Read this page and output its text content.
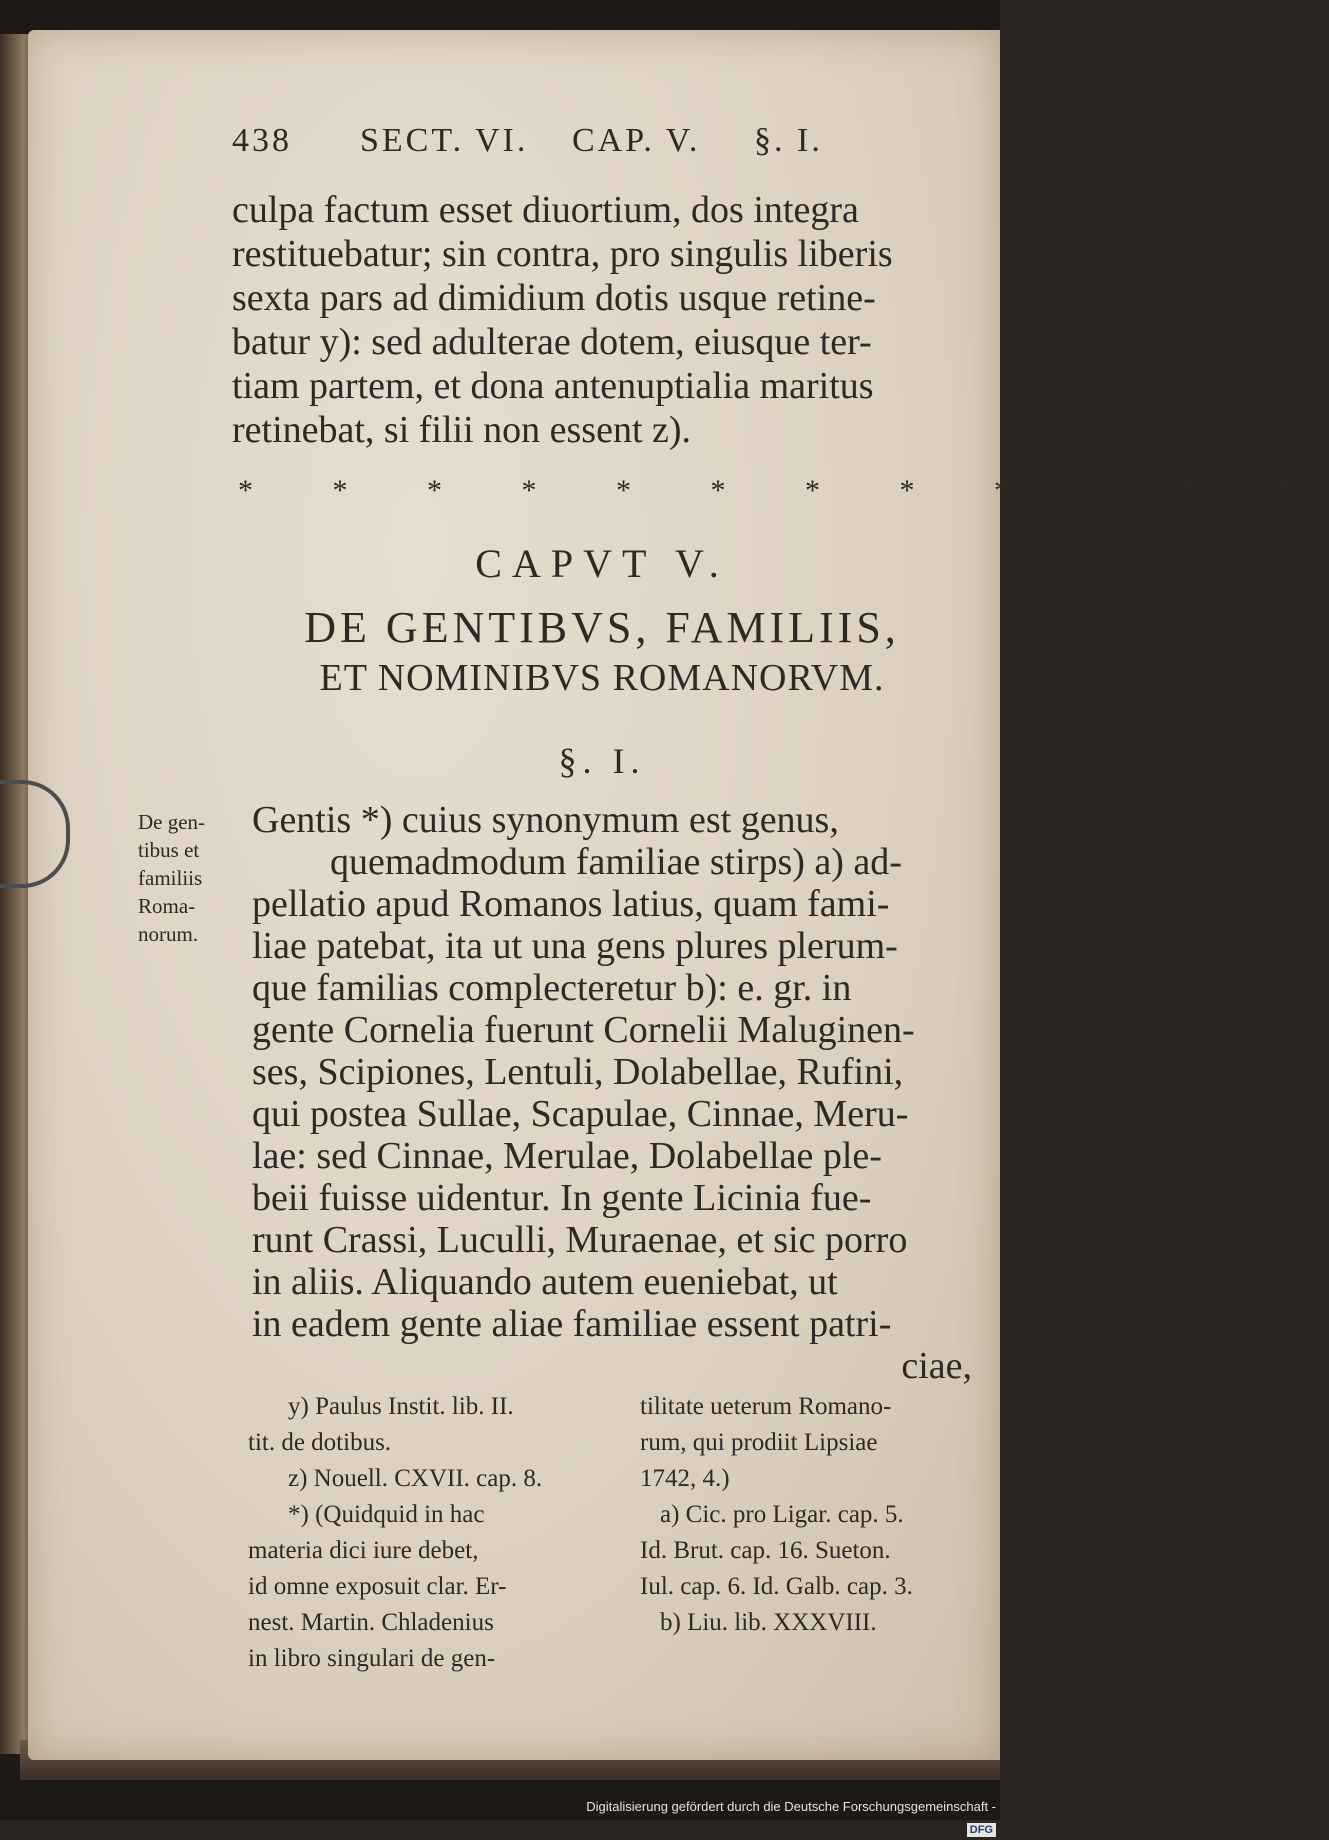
438 SECT. VI. CAP. V. §. I.
culpa factum esset diuortium, dos integra
restituebatur; sin contra, pro singulis liberis
sexta pars ad dimidium dotis usque retine-
batur y): sed adulterae dotem, eiusque ter-
tiam partem, et dona antenuptialia maritus
retinebat, si filii non essent z).
* * * * * * * * * * * *
CAPVT V.
DE GENTIBVS, FAMILIIS,
ET NOMINIBVS ROMANORVM.
§. I.
De gen-
tibus et
familiis
Roma-
norum.
Gentis *) cuius synonymum est genus,
quemadmodum familiae stirps) a) ad-
pellatio apud Romanos latius, quam fami-
liae patebat, ita ut una gens plures plerum-
que familias complecteretur b): e. gr. in
gente Cornelia fuerunt Cornelii Maluginen-
ses, Scipiones, Lentuli, Dolabellae, Rufini,
qui postea Sullae, Scapulae, Cinnae, Meru-
lae: sed Cinnae, Merulae, Dolabellae ple-
beii fuisse uidentur. In gente Licinia fue-
runt Crassi, Luculli, Muraenae, et sic porro
in aliis. Aliquando autem eueniebat, ut
in eadem gente aliae familiae essent patri-
ciae,
y) Paulus Instit. lib. II.
tit. de dotibus.
z) Nouell. CXVII. cap. 8.
*) (Quidquid in hac
materia dici iure debet,
id omne exposuit clar. Er-
nest. Martin. Chladenius
in libro singulari de gen-
tilitate ueterum Romano-
rum, qui prodiit Lipsiae
1742, 4.)
a) Cic. pro Ligar. cap. 5.
Id. Brut. cap. 16. Sueton.
Iul. cap. 6. Id. Galb. cap. 3.
b) Liu. lib. XXXVIII.
Digitalisierung gefördert durch die Deutsche Forschungsgemeinschaft -DFG
